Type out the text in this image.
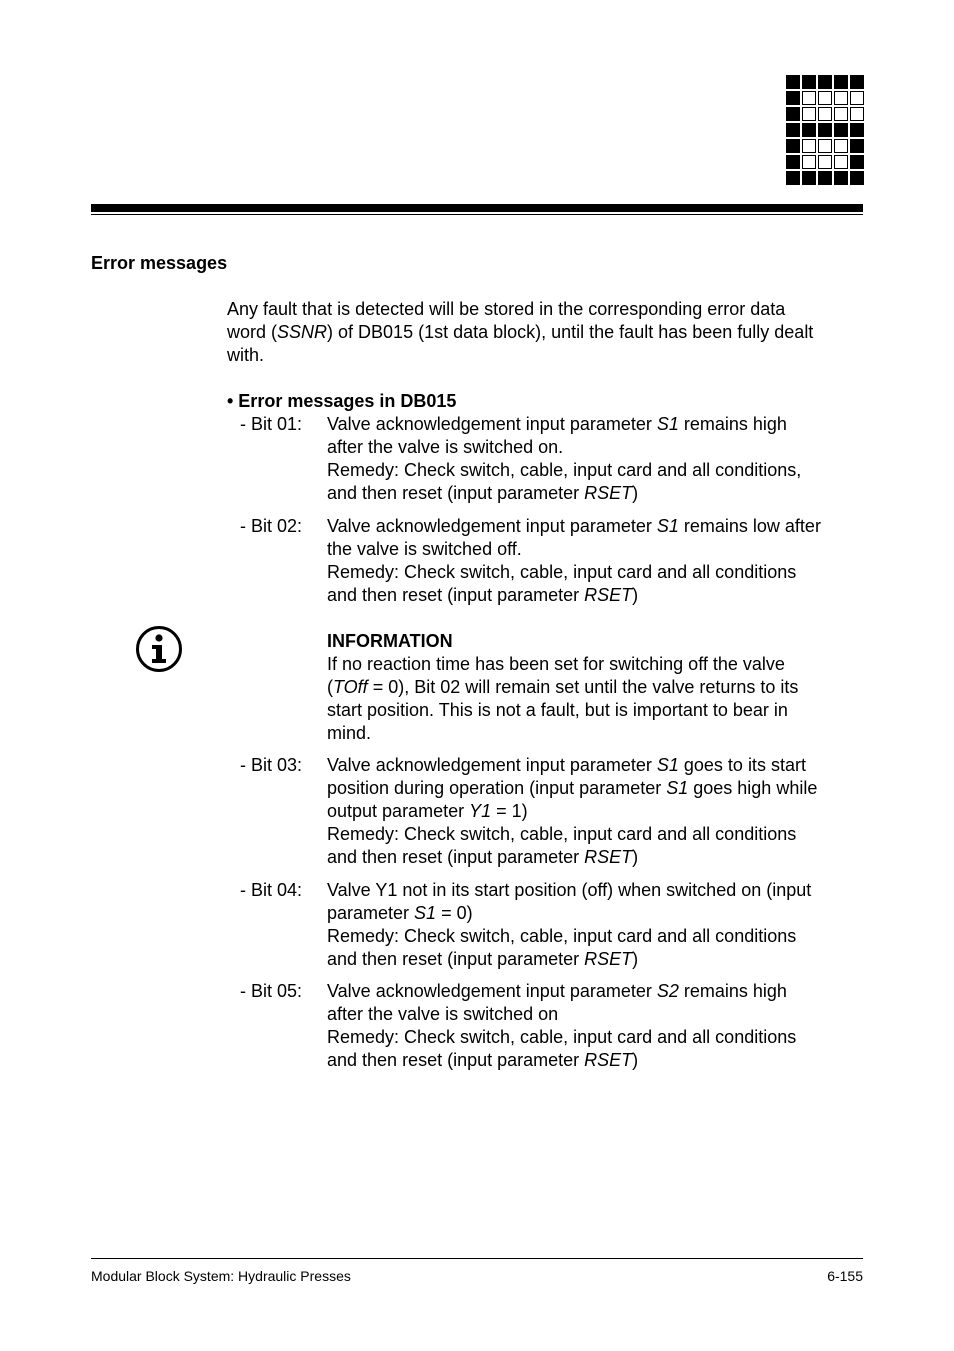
Error messages
Any fault that is detected will be stored in the corresponding error data
word (SSNR) of DB015 (1st data block), until the fault has been fully dealt
with.
• Error messages in DB015
- Bit 01: Valve acknowledgement input parameter S1 remains high
after the valve is switched on.
Remedy: Check switch, cable, input card and all conditions,
and then reset (input parameter RSET)
- Bit 02: Valve acknowledgement input parameter S1 remains low after
the valve is switched off.
Remedy: Check switch, cable, input card and all conditions
and then reset (input parameter RSET)
INFORMATION
If no reaction time has been set for switching off the valve
(TOff = 0), Bit 02 will remain set until the valve returns to its
start position. This is not a fault, but is important to bear in
mind.
- Bit 03: Valve acknowledgement input parameter S1 goes to its start
position during operation (input parameter S1 goes high while
output parameter Y1 = 1)
Remedy: Check switch, cable, input card and all conditions
and then reset (input parameter RSET)
- Bit 04: Valve Y1 not in its start position (off) when switched on (input
parameter S1 = 0)
Remedy: Check switch, cable, input card and all conditions
and then reset (input parameter RSET)
- Bit 05: Valve acknowledgement input parameter S2 remains high
after the valve is switched on
Remedy: Check switch, cable, input card and all conditions
and then reset (input parameter RSET)
Modular Block System: Hydraulic Presses	6-155
